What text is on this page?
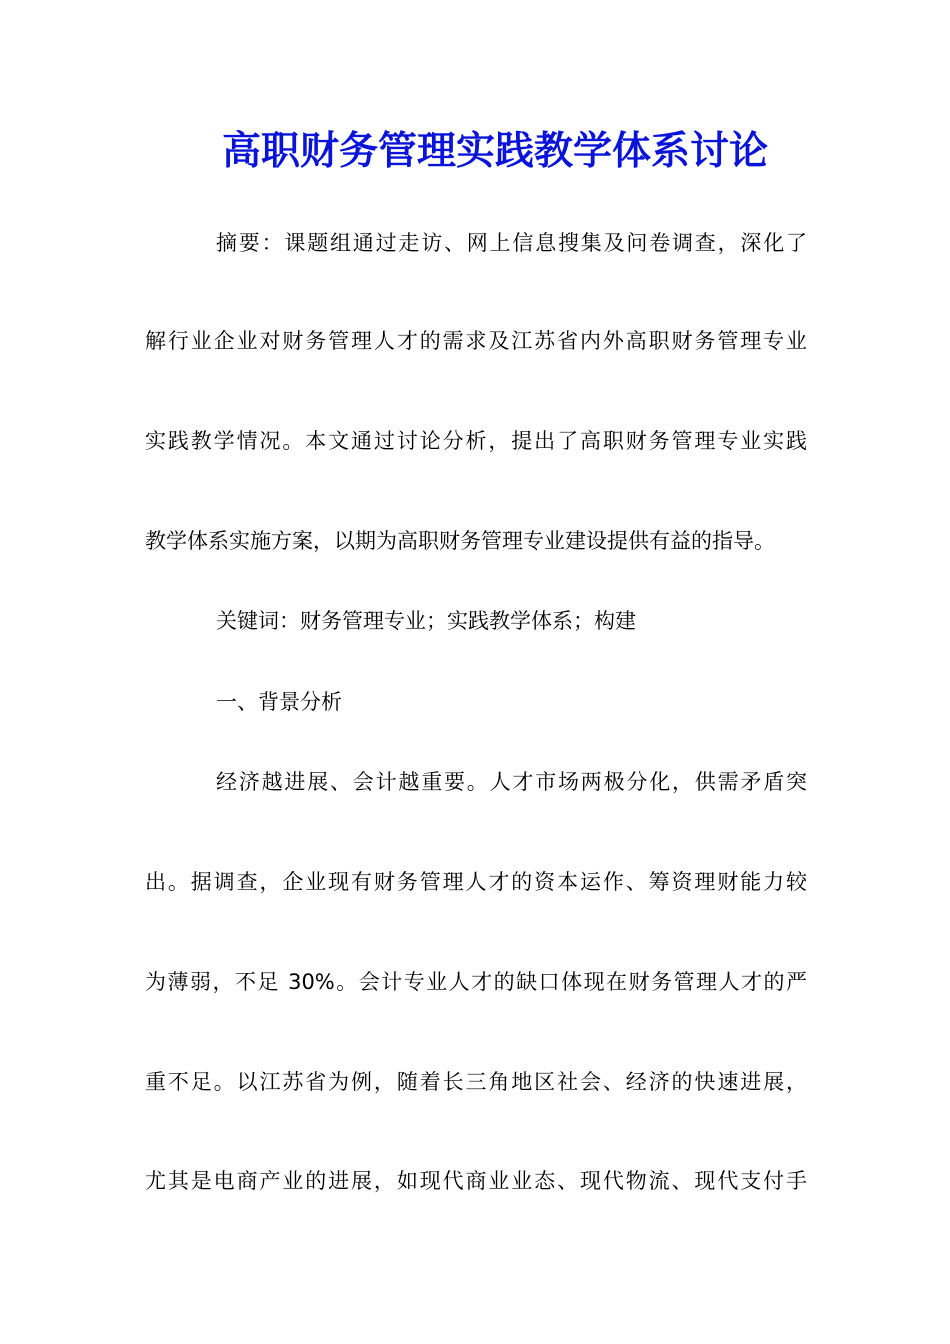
高职财务管理实践教学体系讨论
摘要：课题组通过走访、网上信息搜集及问卷调查，深化了
解行业企业对财务管理人才的需求及江苏省内外高职财务管理专业
实践教学情况。本文通过讨论分析，提出了高职财务管理专业实践
教学体系实施方案，以期为高职财务管理专业建设提供有益的指导。
关键词：财务管理专业；实践教学体系；构建
一、背景分析
经济越进展、会计越重要。人才市场两极分化，供需矛盾突
出。据调查，企业现有财务管理人才的资本运作、筹资理财能力较
为薄弱，不足 30%。会计专业人才的缺口体现在财务管理人才的严
重不足。以江苏省为例，随着长三角地区社会、经济的快速进展，
尤其是电商产业的进展，如现代商业业态、现代物流、现代支付手
